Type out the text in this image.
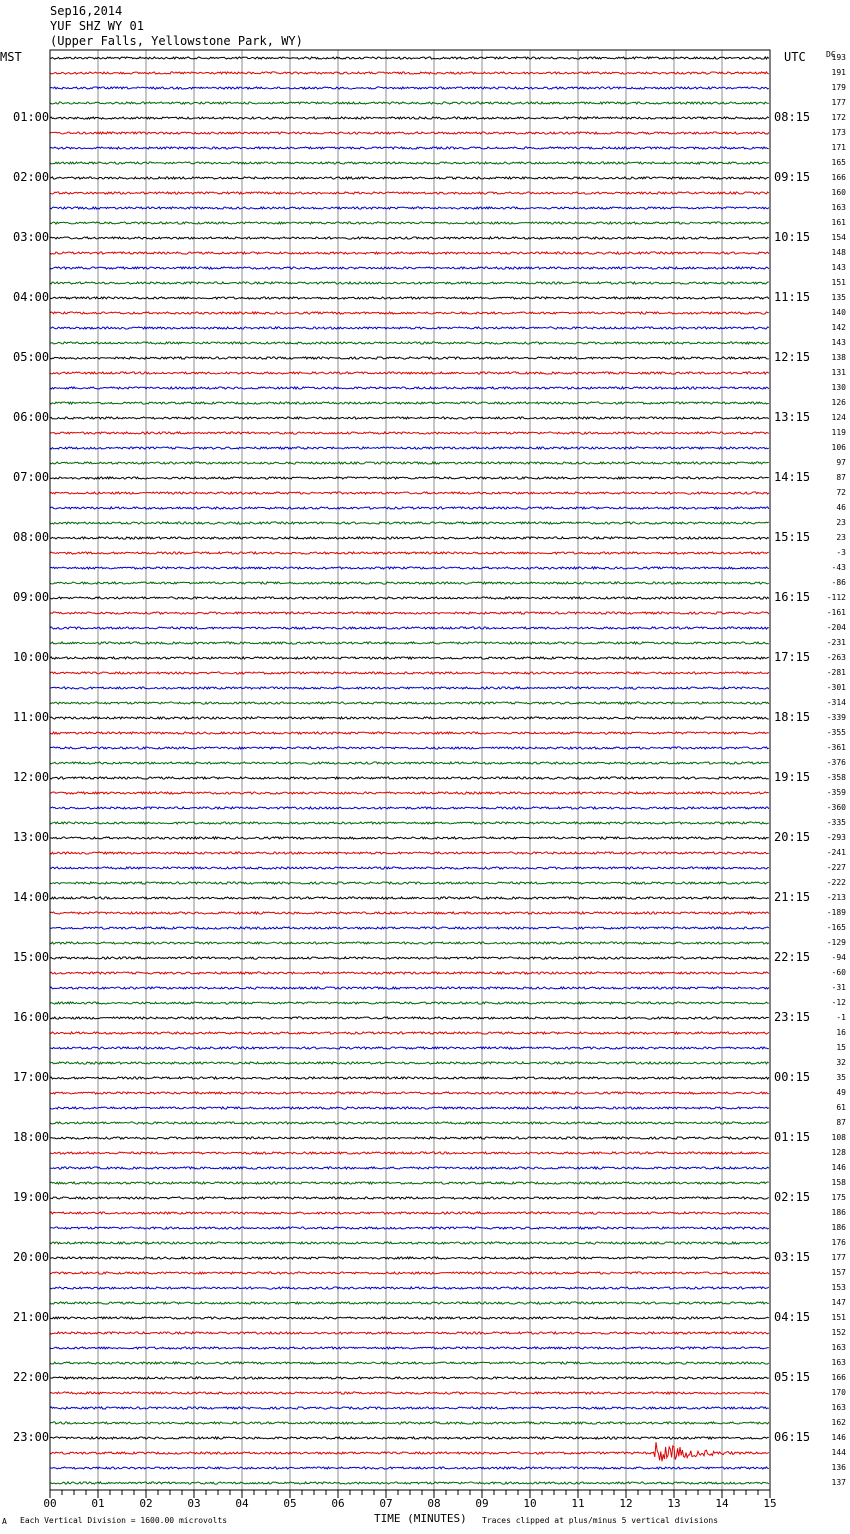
00	01	02	03	04	05	06	07	08	09	10	11	12	13	14	15
Sep16,2014
YUF SHZ WY 01
(Upper Falls, Yellowstone Park, WY)
MST	UTC	DC
01:00
02:00
03:00
04:00
05:00
06:00
07:00
08:00
09:00
10:00
11:00
12:00
13:00
14:00
15:00
16:00
17:00
18:00
19:00
20:00
21:00
22:00
23:00
08:15
09:15
10:15
11:15
12:15
13:15
14:15
15:15
16:15
17:15
18:15
19:15
20:15
21:15
22:15
23:15
00:15
01:15
02:15
03:15
04:15
05:15
06:15
193
191
179
177
172
173
171
165
166
160
163
161
154
148
143
151
135
140
142
143
138
131
130
126
124
119
106
97
87
72
46
23
23
-3
-43
-86
-112
-161
-204
-231
-263
-281
-301
-314
-339
-355
-361
-376
-358
-359
-360
-335
-293
-241
-227
-222
-213
-189
-165
-129
-94
-60
-31
-12
-1
16
15
32
35
49
61
87
108
128
146
158
175
186
186
176
177
157
153
147
151
152
163
163
166
170
163
162
146
144
136
137
A Each Vertical Division = 1600.00 microvolts	TIME (MINUTES) Traces clipped at plus/minus 5 vertical divisions
